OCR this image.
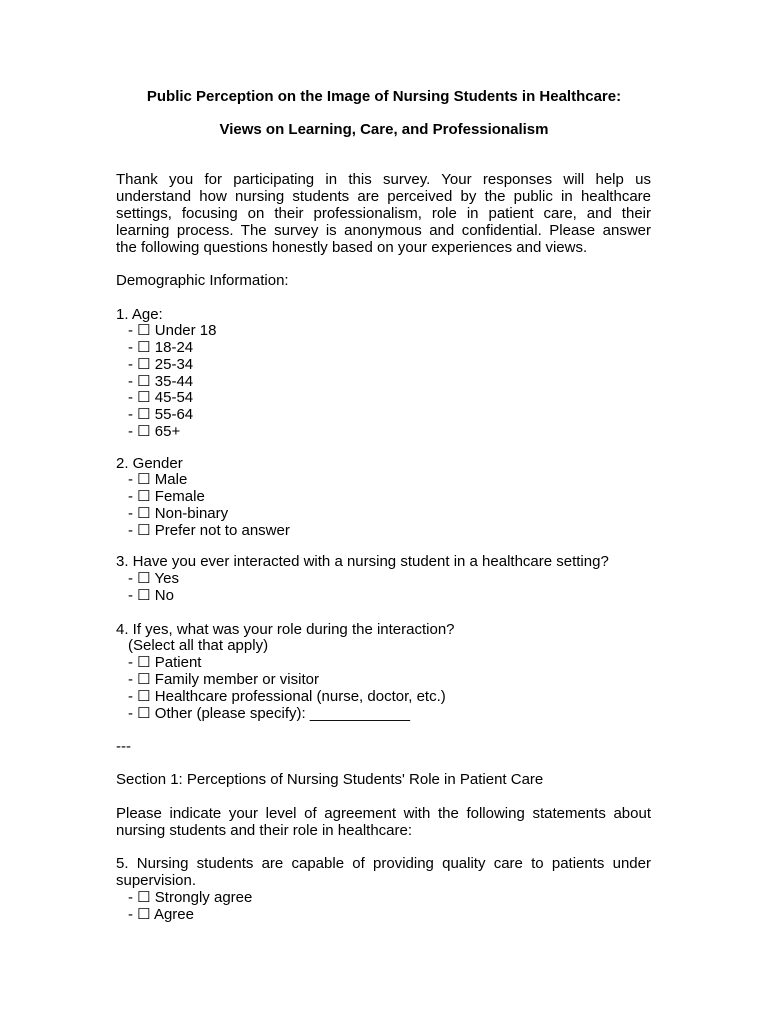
Public Perception on the Image of Nursing Students in Healthcare:

Views on Learning, Care, and Professionalism

Thank you for participating in this survey. Your responses will help us

understand how nursing students are perceived by the public in healthcare

settings, focusing on their professionalism, role in patient care, and their

learning process. The survey is anonymous and confidential. Please answer

the following questions honestly based on your experiences and views.

Demographic Information:

1. Age:

- ☐ Under 18

- ☐ 18-24

- ☐ 25-34

- ☐ 35-44

- ☐ 45-54

- ☐ 55-64

- ☐ 65+

2. Gender

- ☐ Male

- ☐ Female

- ☐ Non-binary

- ☐ Prefer not to answer

3. Have you ever interacted with a nursing student in a healthcare setting?

- ☐ Yes

- ☐ No

4. If yes, what was your role during the interaction?

(Select all that apply)

- ☐ Patient

- ☐ Family member or visitor

- ☐ Healthcare professional (nurse, doctor, etc.)

- ☐ Other (please specify): ____________

---

Section 1: Perceptions of Nursing Students' Role in Patient Care

Please indicate your level of agreement with the following statements about

nursing students and their role in healthcare:

5. Nursing students are capable of providing quality care to patients under

supervision.

- ☐ Strongly agree

- ☐ Agree
